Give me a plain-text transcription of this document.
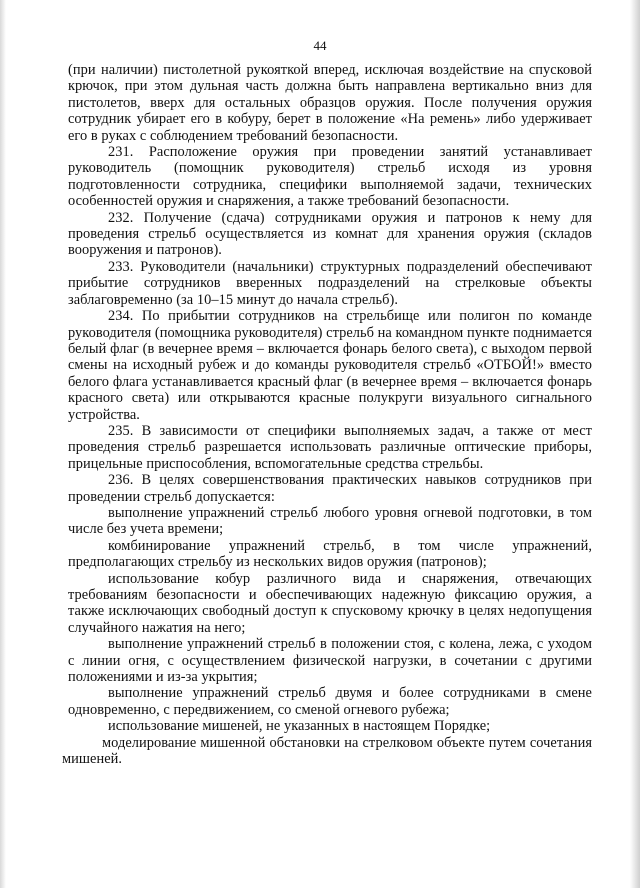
44

(при наличии) пистолетной рукояткой вперед, исключая воздействие на спусковой крючок, при этом дульная часть должна быть направлена вертикально вниз для пистолетов, вверх для остальных образцов оружия. После получения оружия сотрудник убирает его в кобуру, берет в положение «На ремень» либо удерживает его в руках с соблюдением требований безопасности.

231. Расположение оружия при проведении занятий устанавливает руководитель (помощник руководителя) стрельб исходя из уровня подготовленности сотрудника, специфики выполняемой задачи, технических особенностей оружия и снаряжения, а также требований безопасности.

232. Получение (сдача) сотрудниками оружия и патронов к нему для проведения стрельб осуществляется из комнат для хранения оружия (складов вооружения и патронов).

233. Руководители (начальники) структурных подразделений обеспечивают прибытие сотрудников вверенных подразделений на стрелковые объекты заблаговременно (за 10–15 минут до начала стрельб).

234. По прибытии сотрудников на стрельбище или полигон по команде руководителя (помощника руководителя) стрельб на командном пункте поднимается белый флаг (в вечернее время – включается фонарь белого света), с выходом первой смены на исходный рубеж и до команды руководителя стрельб «ОТБОЙ!» вместо белого флага устанавливается красный флаг (в вечернее время – включается фонарь красного света) или открываются красные полукруги визуального сигнального устройства.

235. В зависимости от специфики выполняемых задач, а также от мест проведения стрельб разрешается использовать различные оптические приборы, прицельные приспособления, вспомогательные средства стрельбы.

236. В целях совершенствования практических навыков сотрудников при проведении стрельб допускается:

выполнение упражнений стрельб любого уровня огневой подготовки, в том числе без учета времени;

комбинирование упражнений стрельб, в том числе упражнений, предполагающих стрельбу из нескольких видов оружия (патронов);

использование кобур различного вида и снаряжения, отвечающих требованиям безопасности и обеспечивающих надежную фиксацию оружия, а также исключающих свободный доступ к спусковому крючку в целях недопущения случайного нажатия на него;

выполнение упражнений стрельб в положении стоя, с колена, лежа, с уходом с линии огня, с осуществлением физической нагрузки, в сочетании с другими положениями и из-за укрытия;

выполнение упражнений стрельб двумя и более сотрудниками в смене одновременно, с передвижением, со сменой огневого рубежа;

использование мишеней, не указанных в настоящем Порядке;

моделирование мишенной обстановки на стрелковом объекте путем сочетания мишеней.
